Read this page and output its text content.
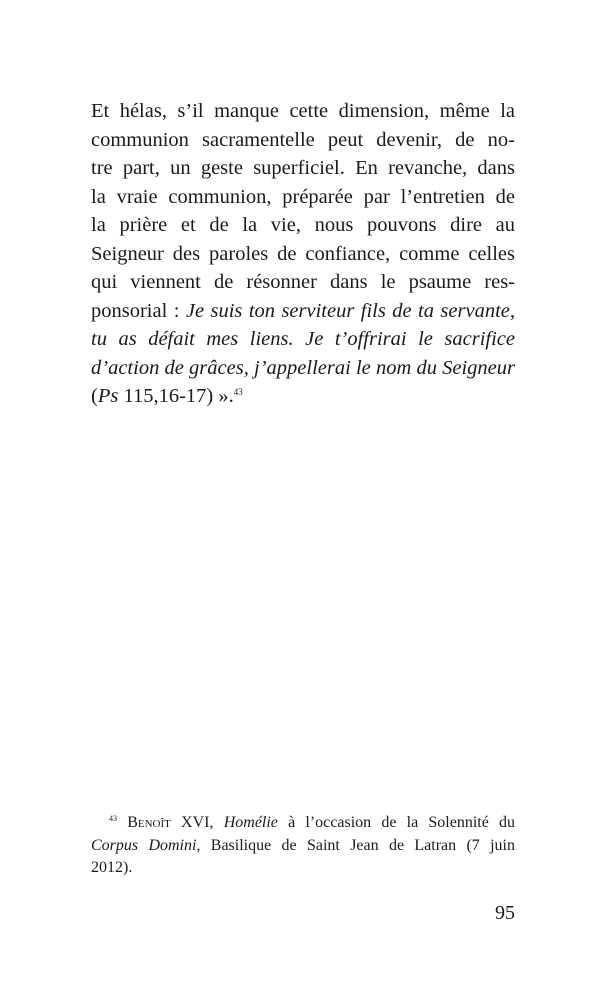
Et hélas, s’il manque cette dimension, même la
communion sacramentelle peut devenir, de no-
tre part, un geste superficiel. En revanche, dans
la vraie communion, préparée par l’entretien de
la prière et de la vie, nous pouvons dire au
Seigneur des paroles de confiance, comme celles
qui viennent de résonner dans le psaume res-
ponsorial : Je suis ton serviteur fils de ta servante,
tu as défait mes liens. Je t’offrirai le sacrifice
d’action de grâces, j’appellerai le nom du Seigneur
(Ps 115,16-17) ».$^{43}$
$^{43}$ Benoît XVI, Homélie à l’occasion de la Solennité du
Corpus Domini, Basilique de Saint Jean de Latran (7 juin
2012).
95
